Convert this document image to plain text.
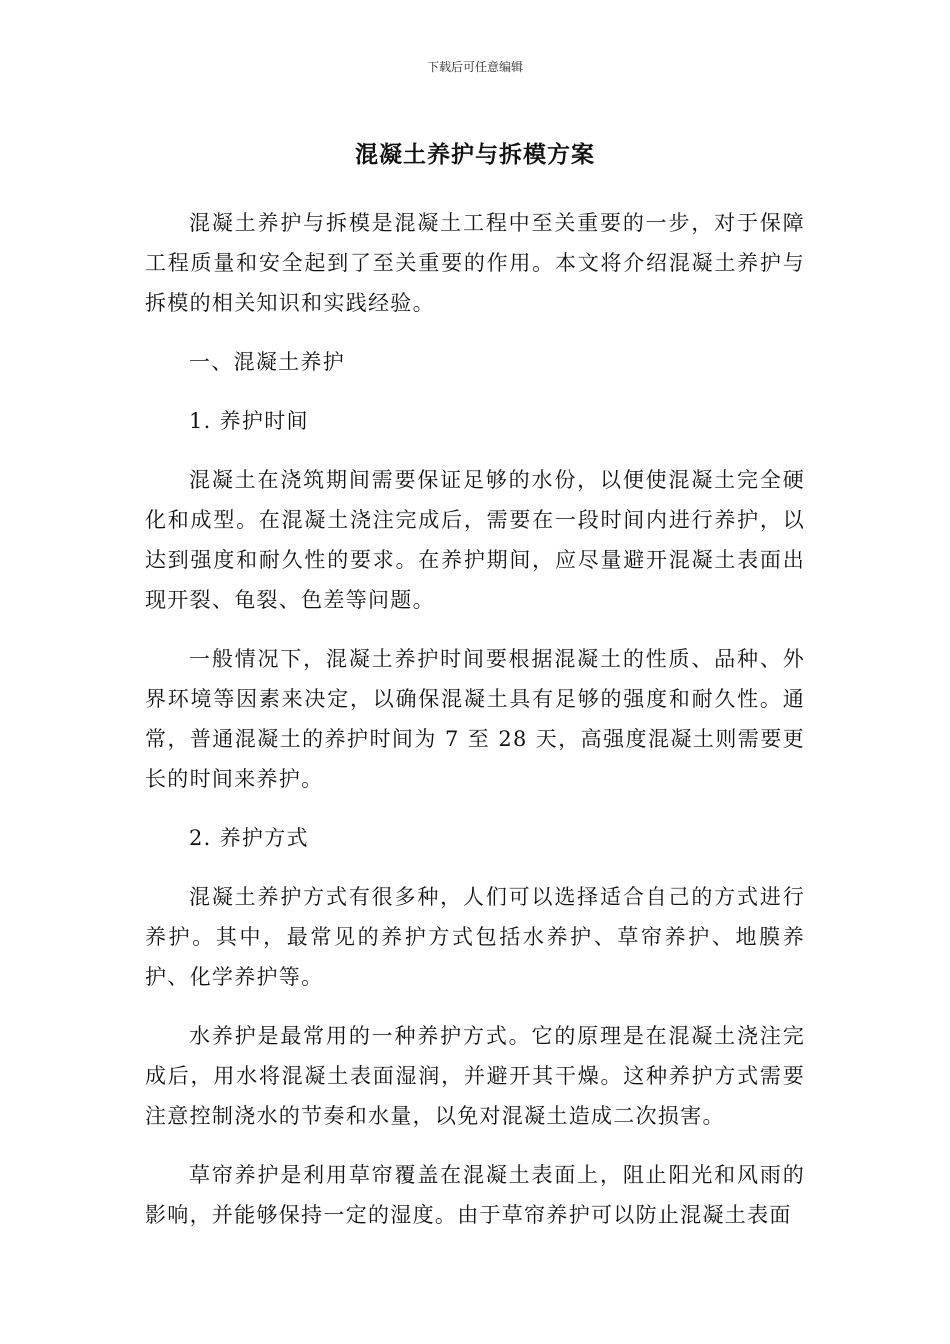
下载后可任意编辑
混凝土养护与拆模方案

混凝土养护与拆模是混凝土工程中至关重要的一步，对于保障工程质量和安全起到了至关重要的作用。本文将介绍混凝土养护与拆模的相关知识和实践经验。

一、混凝土养护

1. 养护时间

混凝土在浇筑期间需要保证足够的水份，以便使混凝土完全硬化和成型。在混凝土浇注完成后，需要在一段时间内进行养护，以达到强度和耐久性的要求。在养护期间，应尽量避开混凝土表面出现开裂、龟裂、色差等问题。

一般情况下，混凝土养护时间要根据混凝土的性质、品种、外界环境等因素来决定，以确保混凝土具有足够的强度和耐久性。通常，普通混凝土的养护时间为 7 至 28 天，高强度混凝土则需要更长的时间来养护。

2. 养护方式

混凝土养护方式有很多种，人们可以选择适合自己的方式进行养护。其中，最常见的养护方式包括水养护、草帘养护、地膜养护、化学养护等。

水养护是最常用的一种养护方式。它的原理是在混凝土浇注完成后，用水将混凝土表面湿润，并避开其干燥。这种养护方式需要注意控制浇水的节奏和水量，以免对混凝土造成二次损害。

草帘养护是利用草帘覆盖在混凝土表面上，阻止阳光和风雨的影响，并能够保持一定的湿度。由于草帘养护可以防止混凝土表面
